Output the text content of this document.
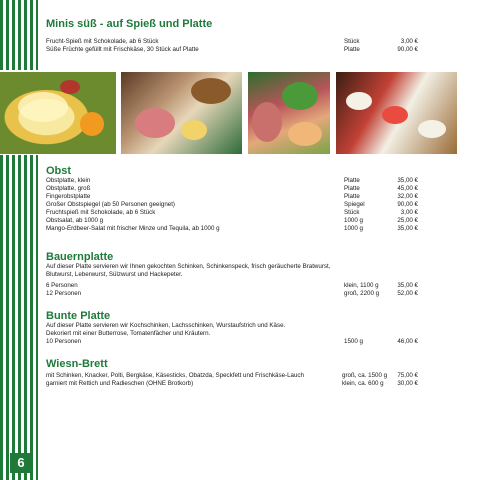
6
Minis süß - auf Spieß und Platte
Frucht-Spieß mit Schokolade, ab 6 Stück	Stück	3,00 €
Süße Früchte gefüllt mit Frischkäse, 30 Stück auf Platte	Platte	90,00 €
Obst
Obstplatte, klein	Platte	35,00 €
Obstplatte, groß	Platte	45,00 €
Fingerobstplatte	Platte	32,00 €
Großer Obstspiegel (ab 50 Personen geeignet)	Spiegel	90,00 €
Fruchtspieß mit Schokolade, ab 6 Stück	Stück	3,00 €
Obstsalat, ab 1000 g	1000 g	25,00 €
Mango-Erdbeer-Salat mit frischer Minze und Tequila, ab 1000 g	1000 g	35,00 €
Bauernplatte
Auf dieser Platte servieren wir Ihnen gekochten Schinken, Schinkenspeck, frisch geräucherte Bratwurst,
Blutwurst, Leberwurst, Sülzwurst und Hackepeter.
6 Personen	klein, 1100 g	35,00 €
12 Personen	groß, 2200 g	52,00 €
Bunte Platte
Auf dieser Platte servieren wir Kochschinken, Lachsschinken, Wurstaufstrich und Käse.
Dekoriert mit einer Butterrose, Tomatenfächer und Kräutern.
10 Personen	1500 g	46,00 €
Wiesn-Brett
mit Schinken, Knacker, Polti, Bergkäse, Käsesticks, Obatzda, Speckfett und Frischkäse-Lauch	groß, ca. 1500 g	75,00 €
garniert mit Rettich und Radieschen (OHNE Brotkorb)	klein, ca. 600 g	30,00 €
